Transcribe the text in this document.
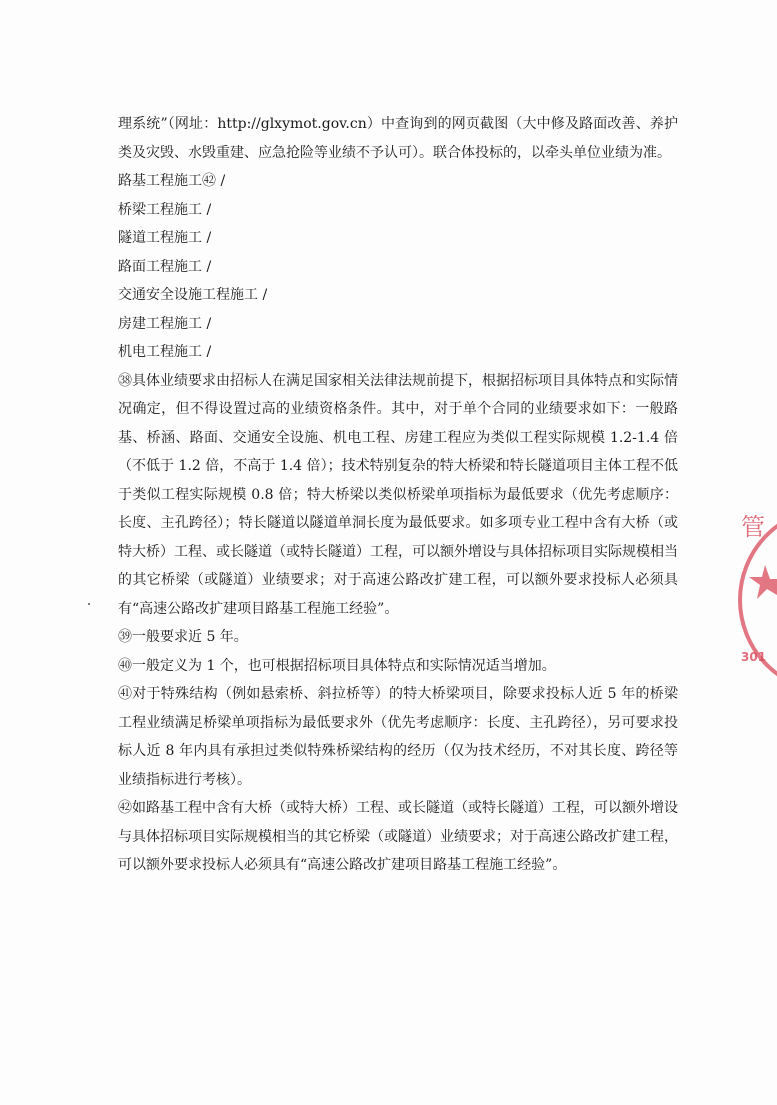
理系统”（网址：http://glxymot.gov.cn）中查询到的网页截图（大中修及路面改善、养护类及灾毁、水毁重建、应急抢险等业绩不予认可）。联合体投标的，以牵头单位业绩为准。

路基工程施工㊷ /

桥梁工程施工 /

隧道工程施工 /

路面工程施工 /

交通安全设施工程施工 /

房建工程施工 /

机电工程施工 /

㊳具体业绩要求由招标人在满足国家相关法律法规前提下，根据招标项目具体特点和实际情况确定，但不得设置过高的业绩资格条件。其中，对于单个合同的业绩要求如下：一般路基、桥涵、路面、交通安全设施、机电工程、房建工程应为类似工程实际规模 1.2-1.4 倍（不低于 1.2 倍，不高于 1.4 倍）；技术特别复杂的特大桥梁和特长隧道项目主体工程不低于类似工程实际规模 0.8 倍；特大桥梁以类似桥梁单项指标为最低要求（优先考虑顺序：长度、主孔跨径）；特长隧道以隧道单洞长度为最低要求。如多项专业工程中含有大桥（或特大桥）工程、或长隧道（或特长隧道）工程，可以额外增设与具体招标项目实际规模相当的其它桥梁（或隧道）业绩要求；对于高速公路改扩建工程，可以额外要求投标人必须具有“高速公路改扩建项目路基工程施工经验”。

㊴一般要求近 5 年。

㊵一般定义为 1 个，也可根据招标项目具体特点和实际情况适当增加。

㊶对于特殊结构（例如悬索桥、斜拉桥等）的特大桥梁项目，除要求投标人近 5 年的桥梁工程业绩满足桥梁单项指标为最低要求外（优先考虑顺序：长度、主孔跨径），另可要求投标人近 8 年内具有承担过类似特殊桥梁结构的经历（仅为技术经历，不对其长度、跨径等业绩指标进行考核）。

㊷如路基工程中含有大桥（或特大桥）工程、或长隧道（或特长隧道）工程，可以额外增设与具体招标项目实际规模相当的其它桥梁（或隧道）业绩要求；对于高速公路改扩建工程，可以额外要求投标人必须具有“高速公路改扩建项目路基工程施工经验”。

管
301
